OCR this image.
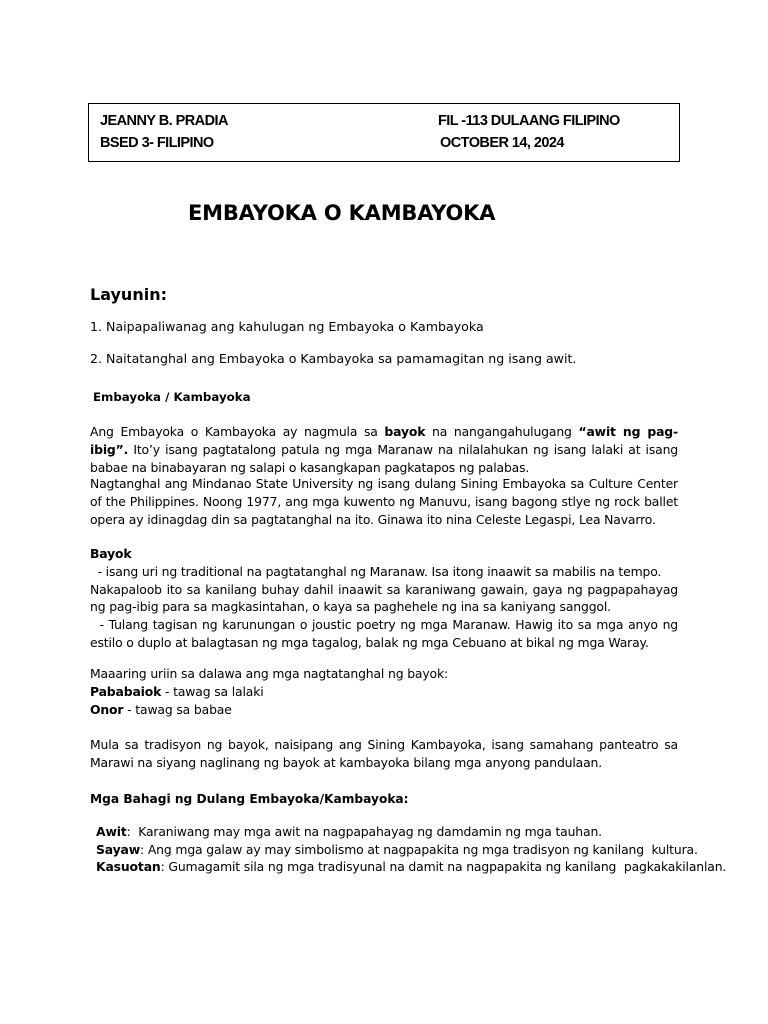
JEANNY B. PRADIA
BSED 3- FILIPINO
FIL -113 DULAANG FILIPINO
OCTOBER 14, 2024
EMBAYOKA O KAMBAYOKA
Layunin:
1. Naipapaliwanag ang kahulugan ng Embayoka o Kambayoka
2. Naitatanghal ang Embayoka o Kambayoka sa pamamagitan ng isang awit.
Embayoka / Kambayoka
Ang Embayoka o Kambayoka ay nagmula sa bayok na nangangahulugang “awit ng pag-ibig”. Ito’y isang pagtatalong patula ng mga Maranaw na nilalahukan ng isang lalaki at isang babae na binabayaran ng salapi o kasangkapan pagkatapos ng palabas.
Nagtanghal ang Mindanao State University ng isang dulang Sining Embayoka sa Culture Center of the Philippines. Noong 1977, ang mga kuwento ng Manuvu, isang bagong stlye ng rock ballet opera ay idinagdag din sa pagtatanghal na ito. Ginawa ito nina Celeste Legaspi, Lea Navarro.
Bayok
- isang uri ng traditional na pagtatanghal ng Maranaw. Isa itong inaawit sa mabilis na tempo.
Nakapaloob ito sa kanilang buhay dahil inaawit sa karaniwang gawain, gaya ng pagpapahayag ng pag-ibig para sa magkasintahan, o kaya sa paghehele ng ina sa kaniyang sanggol.
- Tulang tagisan ng karunungan o joustic poetry ng mga Maranaw. Hawig ito sa mga anyo ng estilo o duplo at balagtasan ng mga tagalog, balak ng mga Cebuano at bikal ng mga Waray.
Maaaring uriin sa dalawa ang mga nagtatanghal ng bayok:
Pababaiok - tawag sa lalaki
Onor - tawag sa babae
Mula sa tradisyon ng bayok, naisipang ang Sining Kambayoka, isang samahang panteatro sa Marawi na siyang naglinang ng bayok at kambayoka bilang mga anyong pandulaan.
Mga Bahagi ng Dulang Embayoka/Kambayoka:
Awit:  Karaniwang may mga awit na nagpapahayag ng damdamin ng mga tauhan.
Sayaw: Ang mga galaw ay may simbolismo at nagpapakita ng mga tradisyon ng kanilang  kultura.
Kasuotan: Gumagamit sila ng mga tradisyunal na damit na nagpapakita ng kanilang  pagkakakilanlan.
